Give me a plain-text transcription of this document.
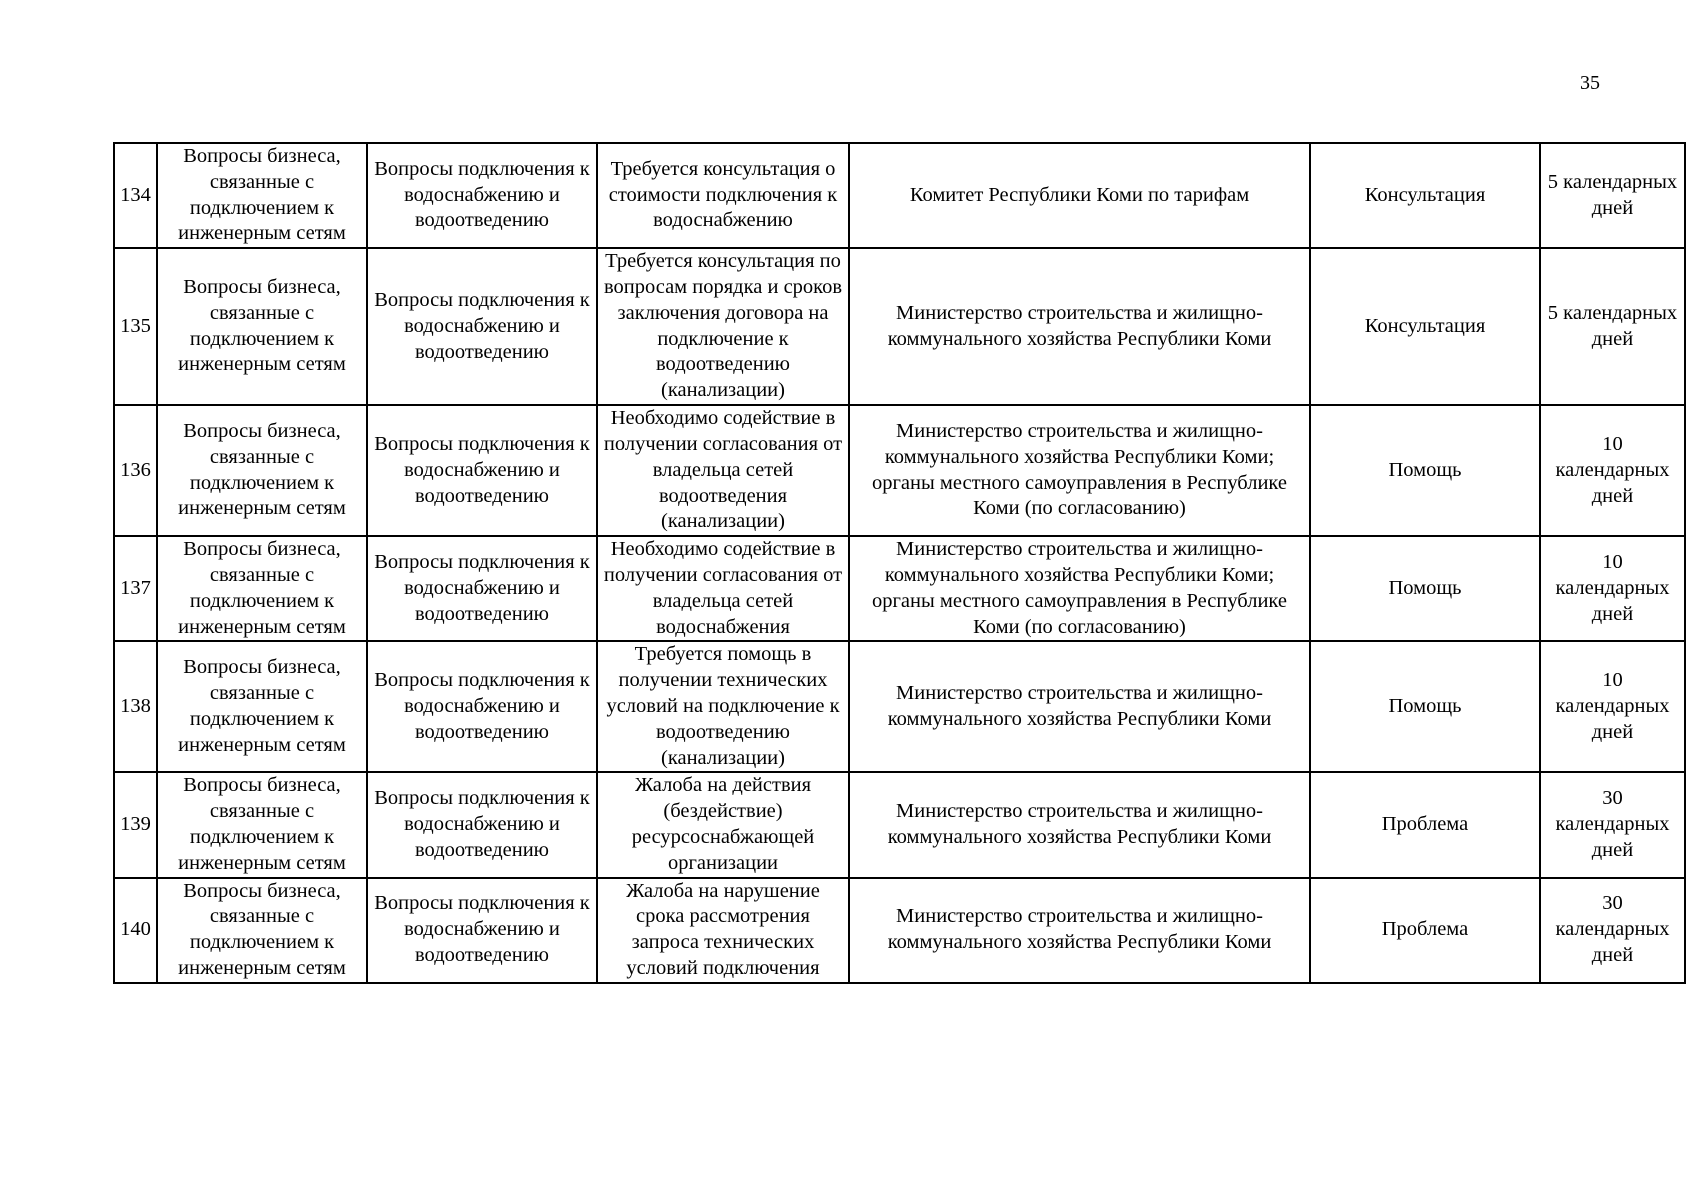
35
134	Вопросы бизнеса, связанные с подключением к инженерным сетям	Вопросы подключения к водоснабжению и водоотведению	Требуется консультация о стоимости подключения к водоснабжению	Комитет Республики Коми по тарифам	Консультация	5 календарных дней
135	Вопросы бизнеса, связанные с подключением к инженерным сетям	Вопросы подключения к водоснабжению и водоотведению	Требуется консультация по вопросам порядка и сроков заключения договора на подключение к водоотведению (канализации)	Министерство строительства и жилищно-коммунального хозяйства Республики Коми	Консультация	5 календарных дней
136	Вопросы бизнеса, связанные с подключением к инженерным сетям	Вопросы подключения к водоснабжению и водоотведению	Необходимо содействие в получении согласования от владельца сетей водоотведения (канализации)	Министерство строительства и жилищно-коммунального хозяйства Республики Коми; органы местного самоуправления в Республике Коми (по согласованию)	Помощь	10 календарных дней
137	Вопросы бизнеса, связанные с подключением к инженерным сетям	Вопросы подключения к водоснабжению и водоотведению	Необходимо содействие в получении согласования от владельца сетей водоснабжения	Министерство строительства и жилищно-коммунального хозяйства Республики Коми; органы местного самоуправления в Республике Коми (по согласованию)	Помощь	10 календарных дней
138	Вопросы бизнеса, связанные с подключением к инженерным сетям	Вопросы подключения к водоснабжению и водоотведению	Требуется помощь в получении технических условий на подключение к водоотведению (канализации)	Министерство строительства и жилищно-коммунального хозяйства Республики Коми	Помощь	10 календарных дней
139	Вопросы бизнеса, связанные с подключением к инженерным сетям	Вопросы подключения к водоснабжению и водоотведению	Жалоба на действия (бездействие) ресурсоснабжающей организации	Министерство строительства и жилищно-коммунального хозяйства Республики Коми	Проблема	30 календарных дней
140	Вопросы бизнеса, связанные с подключением к инженерным сетям	Вопросы подключения к водоснабжению и водоотведению	Жалоба на нарушение срока рассмотрения запроса технических условий подключения	Министерство строительства и жилищно-коммунального хозяйства Республики Коми	Проблема	30 календарных дней
